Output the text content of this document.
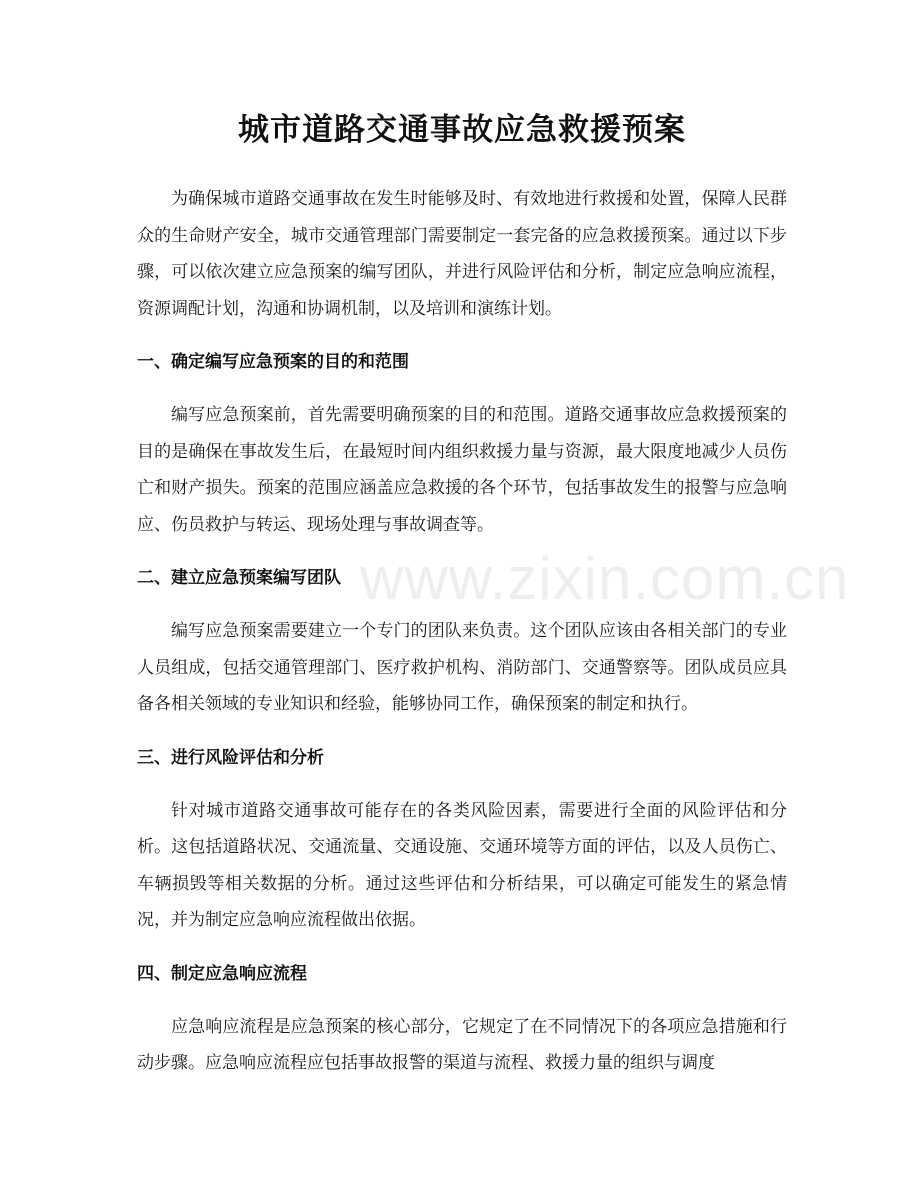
城市道路交通事故应急救援预案

为确保城市道路交通事故在发生时能够及时、有效地进行救援和处置，保障人民群众的生命财产安全，城市交通管理部门需要制定一套完备的应急救援预案。通过以下步骤，可以依次建立应急预案的编写团队，并进行风险评估和分析，制定应急响应流程，资源调配计划，沟通和协调机制，以及培训和演练计划。

一、确定编写应急预案的目的和范围

编写应急预案前，首先需要明确预案的目的和范围。道路交通事故应急救援预案的目的是确保在事故发生后，在最短时间内组织救援力量与资源，最大限度地减少人员伤亡和财产损失。预案的范围应涵盖应急救援的各个环节，包括事故发生的报警与应急响应、伤员救护与转运、现场处理与事故调查等。

二、建立应急预案编写团队

编写应急预案需要建立一个专门的团队来负责。这个团队应该由各相关部门的专业人员组成，包括交通管理部门、医疗救护机构、消防部门、交通警察等。团队成员应具备各相关领域的专业知识和经验，能够协同工作，确保预案的制定和执行。

三、进行风险评估和分析

针对城市道路交通事故可能存在的各类风险因素，需要进行全面的风险评估和分析。这包括道路状况、交通流量、交通设施、交通环境等方面的评估，以及人员伤亡、车辆损毁等相关数据的分析。通过这些评估和分析结果，可以确定可能发生的紧急情况，并为制定应急响应流程做出依据。

四、制定应急响应流程

应急响应流程是应急预案的核心部分，它规定了在不同情况下的各项应急措施和行动步骤。应急响应流程应包括事故报警的渠道与流程、救援力量的组织与调度

www.zixin.com.cn
